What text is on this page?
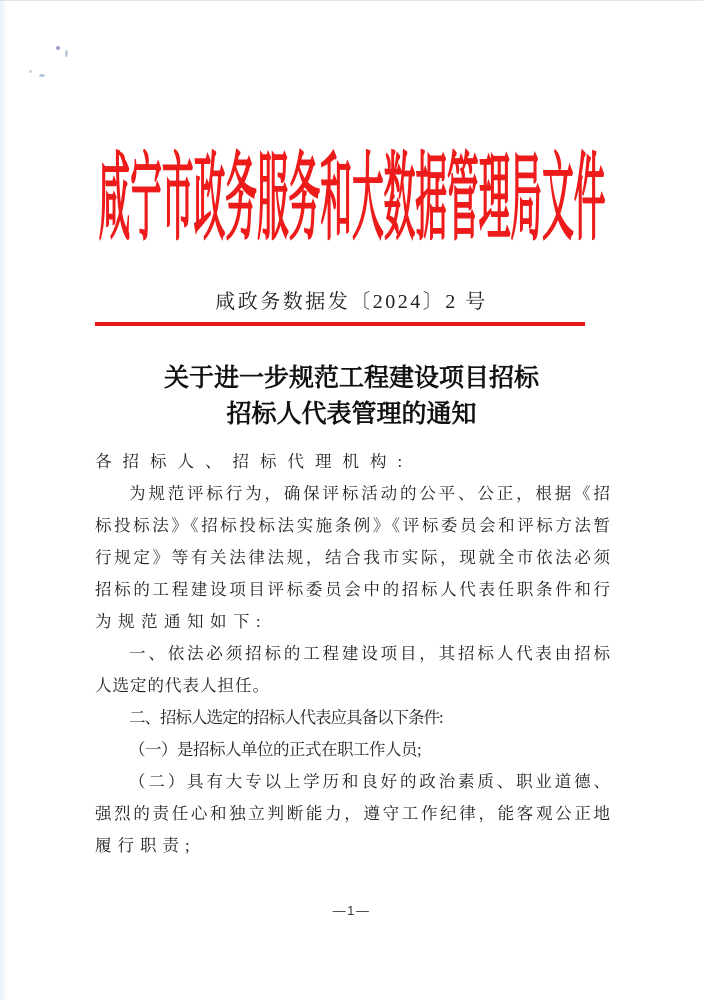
咸宁市政务服务和大数据管理局文件
咸政务数据发〔2024〕2 号
关于进一步规范工程建设项目招标
招标人代表管理的通知
各招标人、招标代理机构:
为规范评标行为，确保评标活动的公平、公正，根据《招
标投标法》《招标投标法实施条例》《评标委员会和评标方法暂
行规定》等有关法律法规，结合我市实际，现就全市依法必须
招标的工程建设项目评标委员会中的招标人代表任职条件和行
为规范通知如下:
一、依法必须招标的工程建设项目，其招标人代表由招标
人选定的代表人担任。
二、招标人选定的招标人代表应具备以下条件:
（一）是招标人单位的正式在职工作人员;
（二）具有大专以上学历和良好的政治素质、职业道德、
强烈的责任心和独立判断能力，遵守工作纪律，能客观公正地
履行职责;
—1—
